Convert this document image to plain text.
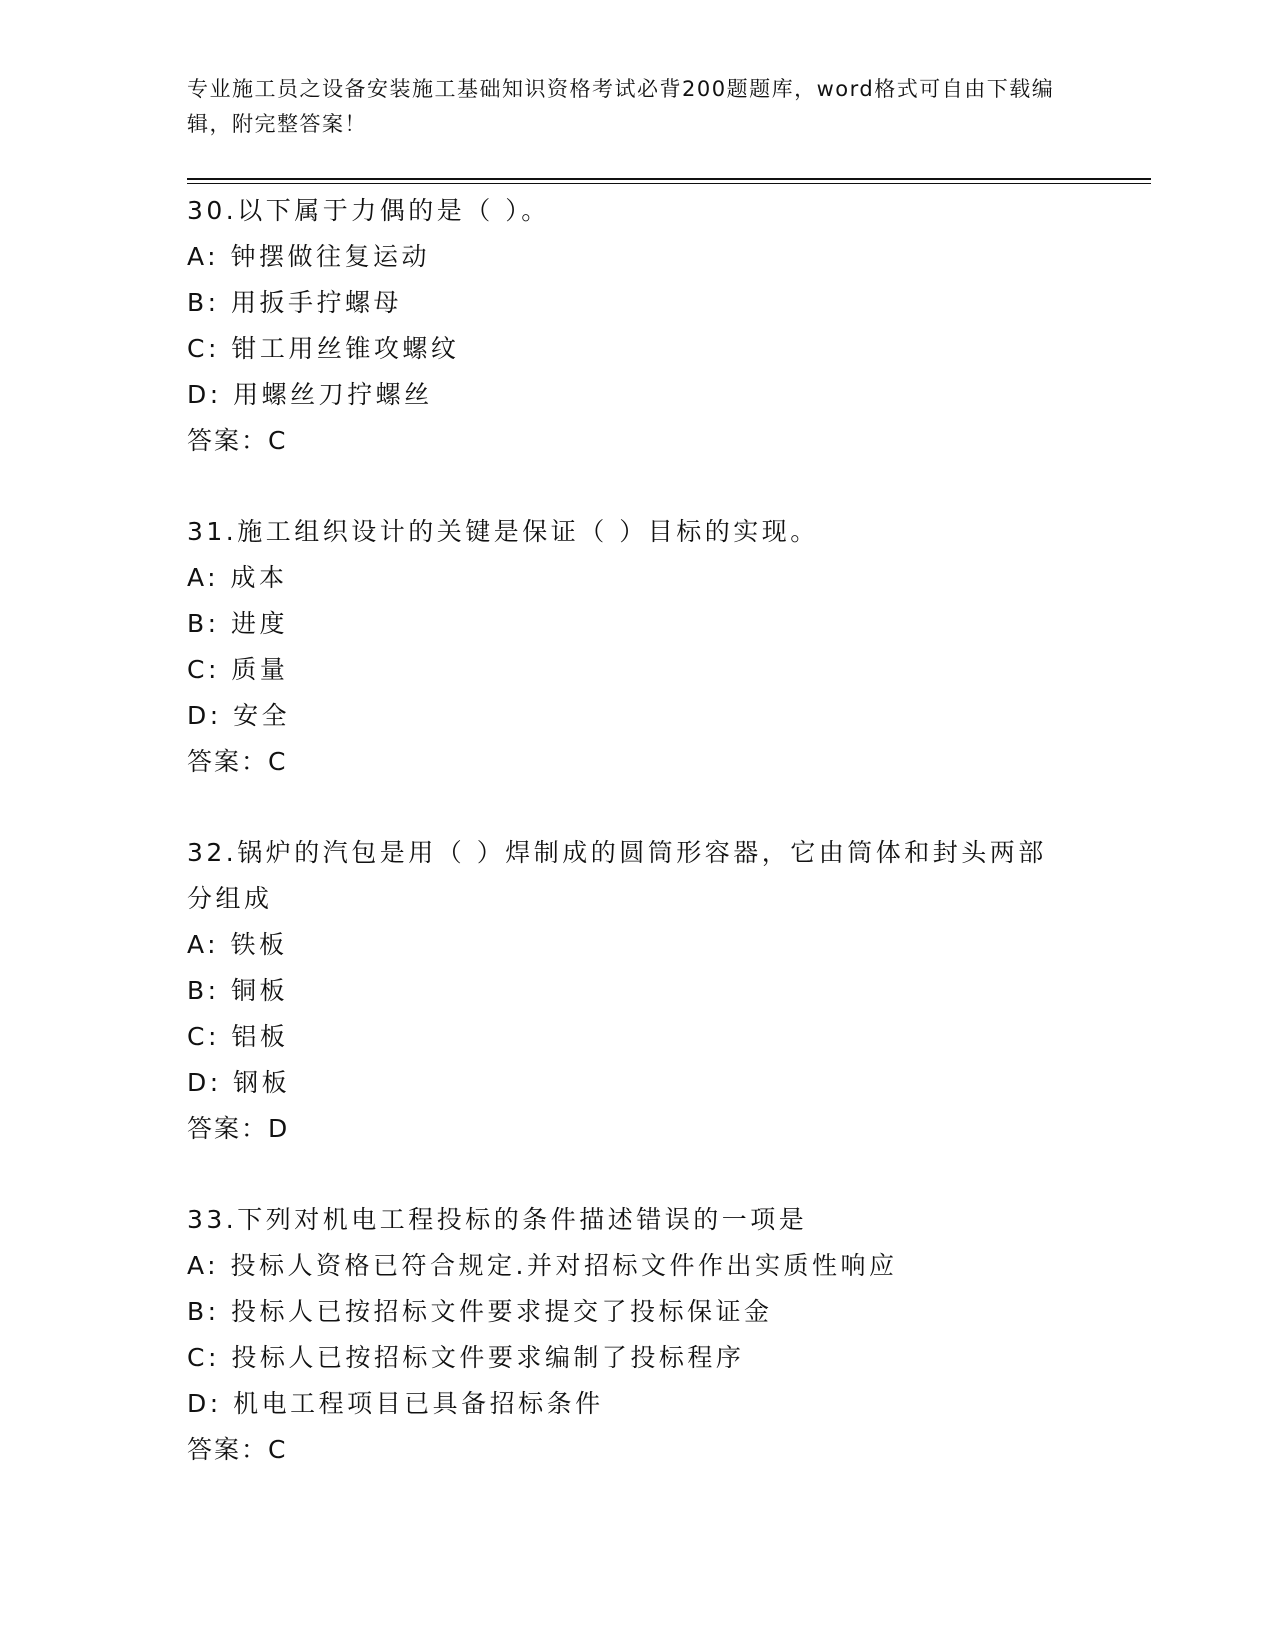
专业施工员之设备安装施工基础知识资格考试必背200题题库，word格式可自由下载编辑，附完整答案！

30.以下属于力偶的是（ ）。

A: 钟摆做往复运动

B: 用扳手拧螺母

C: 钳工用丝锥攻螺纹

D: 用螺丝刀拧螺丝

答案：C

31.施工组织设计的关键是保证（ ）目标的实现。

A: 成本

B: 进度

C: 质量

D: 安全

答案：C

32.锅炉的汽包是用（ ）焊制成的圆筒形容器，它由筒体和封头两部分组成

A: 铁板

B: 铜板

C: 铝板

D: 钢板

答案：D

33.下列对机电工程投标的条件描述错误的一项是

A: 投标人资格已符合规定.并对招标文件作出实质性响应

B: 投标人已按招标文件要求提交了投标保证金

C: 投标人已按招标文件要求编制了投标程序

D: 机电工程项目已具备招标条件

答案：C
